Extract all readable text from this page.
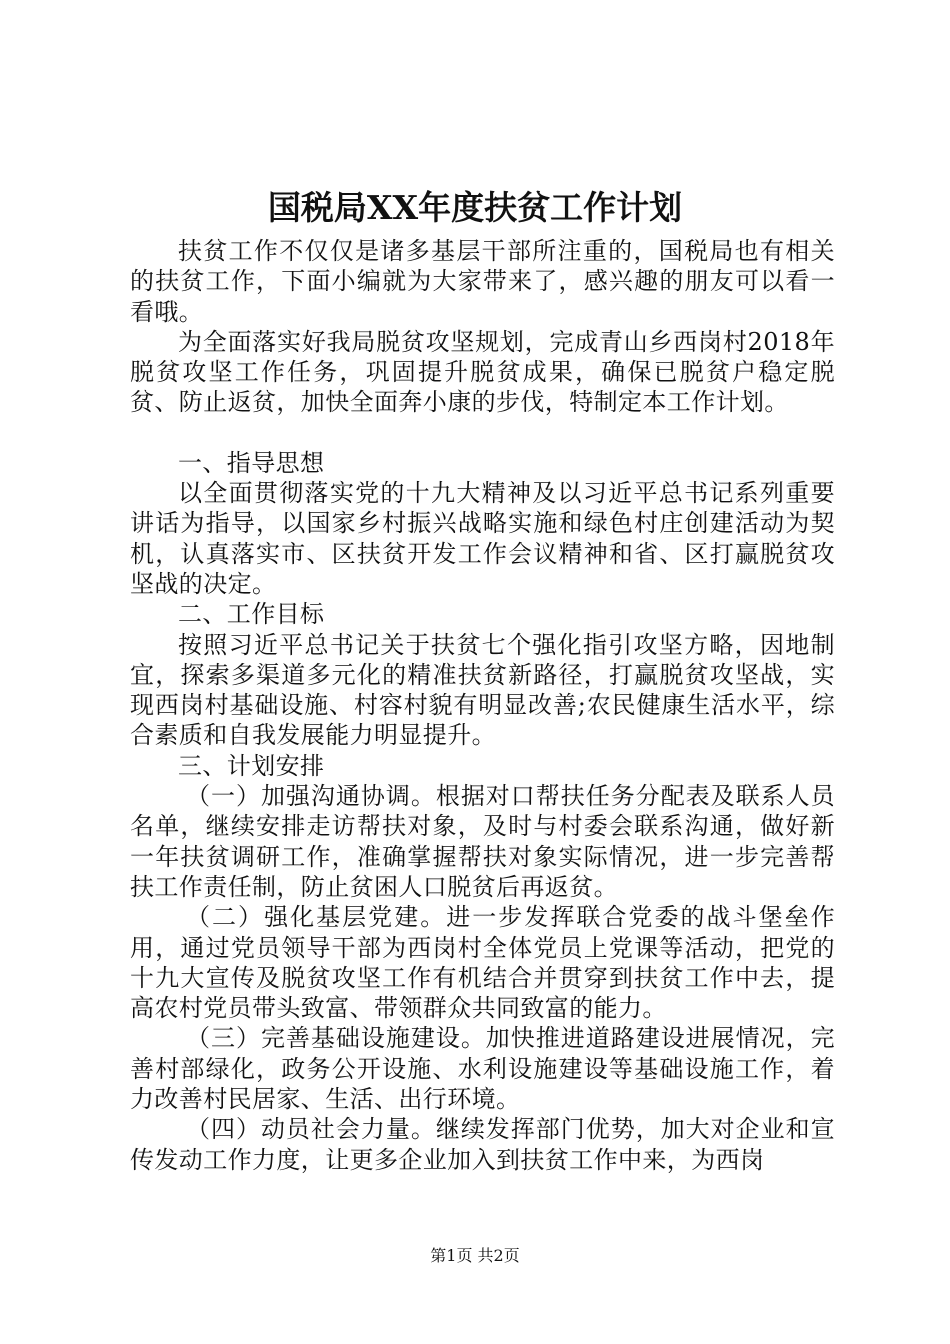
国税局XX年度扶贫工作计划

扶贫工作不仅仅是诸多基层干部所注重的，国税局也有相关的扶贫工作，下面小编就为大家带来了，感兴趣的朋友可以看一看哦。

为全面落实好我局脱贫攻坚规划，完成青山乡西岗村2018年脱贫攻坚工作任务，巩固提升脱贫成果，确保已脱贫户稳定脱贫、防止返贫，加快全面奔小康的步伐，特制定本工作计划。

一、指导思想

以全面贯彻落实党的十九大精神及以习近平总书记系列重要讲话为指导，以国家乡村振兴战略实施和绿色村庄创建活动为契机，认真落实市、区扶贫开发工作会议精神和省、区打赢脱贫攻坚战的决定。

二、工作目标

按照习近平总书记关于扶贫七个强化指引攻坚方略，因地制宜，探索多渠道多元化的精准扶贫新路径，打赢脱贫攻坚战，实现西岗村基础设施、村容村貌有明显改善;农民健康生活水平，综合素质和自我发展能力明显提升。

三、计划安排

（一）加强沟通协调。根据对口帮扶任务分配表及联系人员名单，继续安排走访帮扶对象，及时与村委会联系沟通，做好新一年扶贫调研工作，准确掌握帮扶对象实际情况，进一步完善帮扶工作责任制，防止贫困人口脱贫后再返贫。

（二）强化基层党建。进一步发挥联合党委的战斗堡垒作用，通过党员领导干部为西岗村全体党员上党课等活动，把党的十九大宣传及脱贫攻坚工作有机结合并贯穿到扶贫工作中去，提高农村党员带头致富、带领群众共同致富的能力。

（三）完善基础设施建设。加快推进道路建设进展情况，完善村部绿化，政务公开设施、水利设施建设等基础设施工作，着力改善村民居家、生活、出行环境。

（四）动员社会力量。继续发挥部门优势，加大对企业和宣传发动工作力度，让更多企业加入到扶贫工作中来，为西岗

第1页 共2页
